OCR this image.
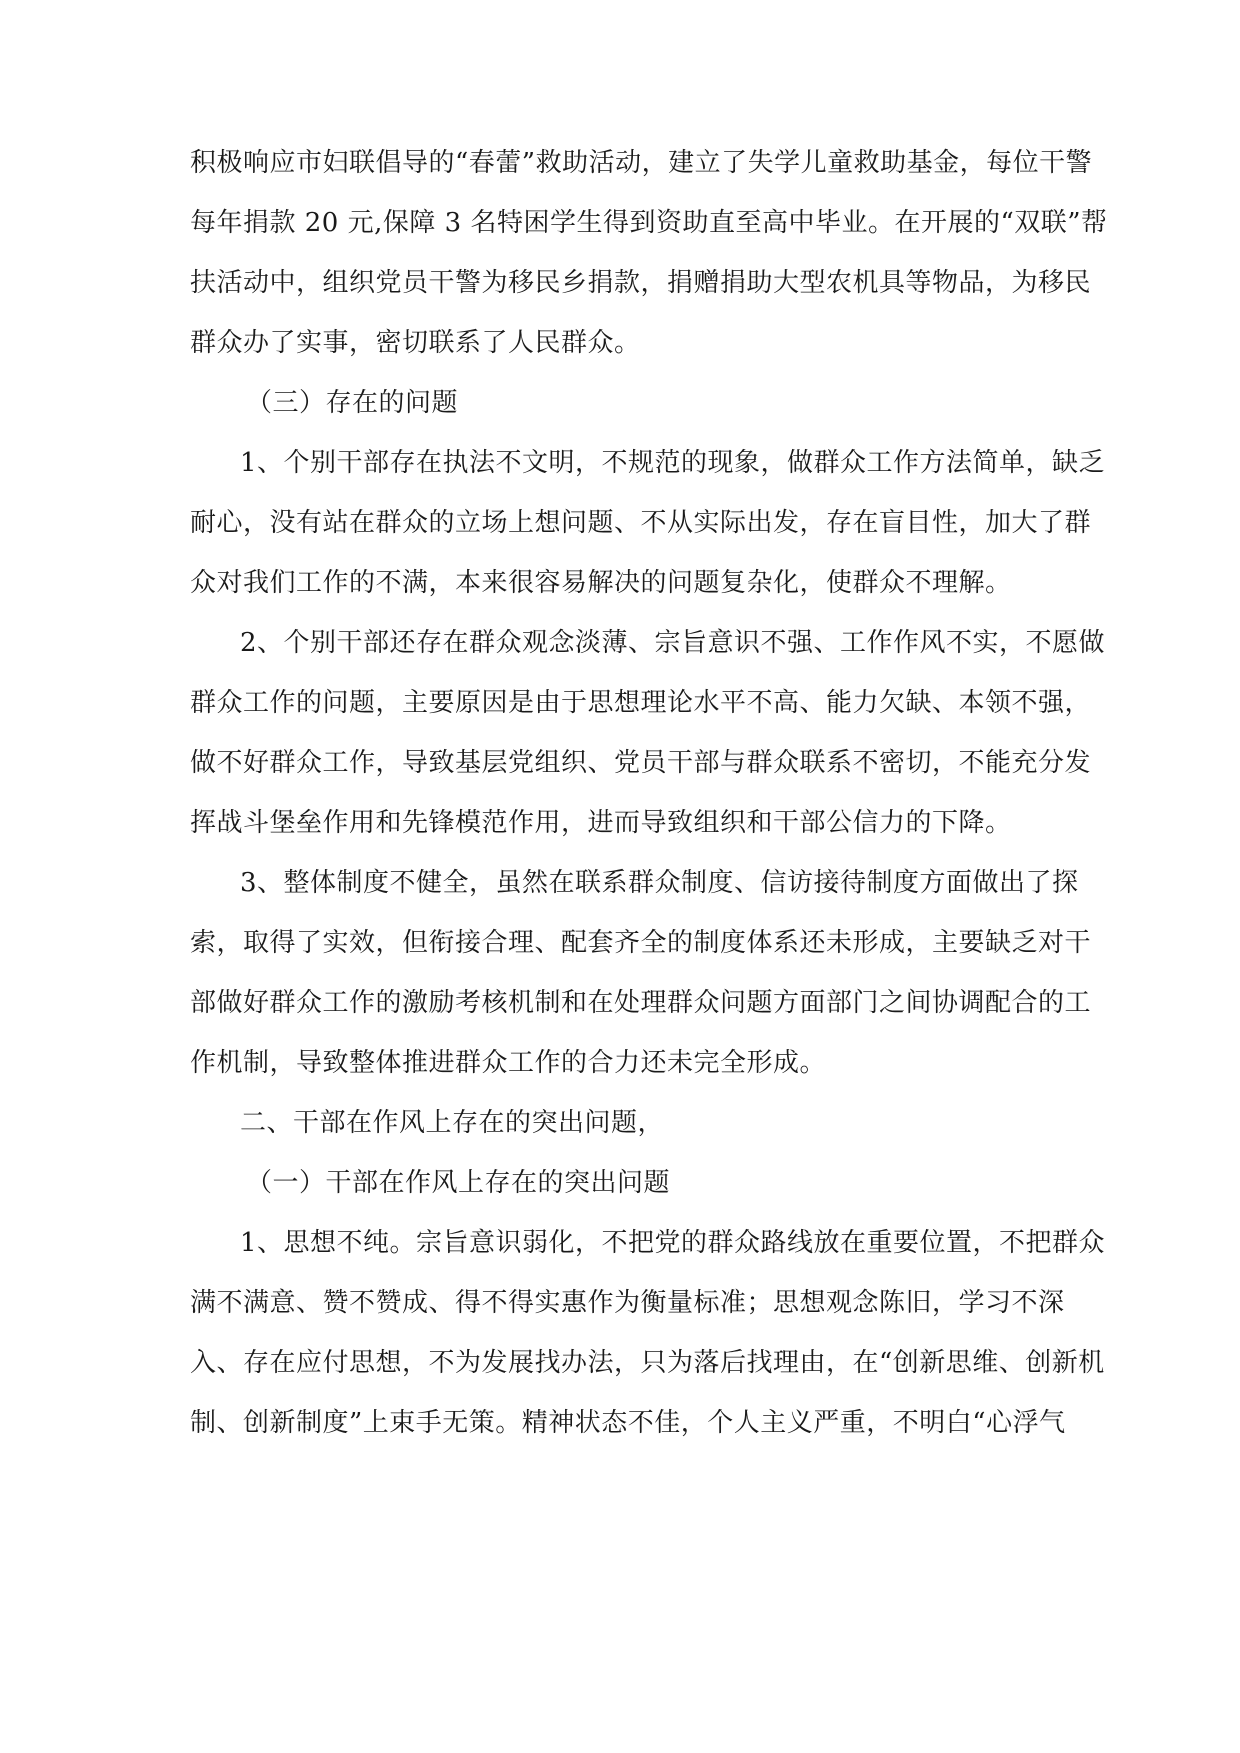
积极响应市妇联倡导的“春蕾”救助活动，建立了失学儿童救助基金，每位干警

每年捐款 20 元,保障 3 名特困学生得到资助直至高中毕业。在开展的“双联”帮

扶活动中，组织党员干警为移民乡捐款，捐赠捐助大型农机具等物品，为移民

群众办了实事，密切联系了人民群众。

（三）存在的问题

1、个别干部存在执法不文明，不规范的现象，做群众工作方法简单，缺乏

耐心，没有站在群众的立场上想问题、不从实际出发，存在盲目性，加大了群

众对我们工作的不满，本来很容易解决的问题复杂化，使群众不理解。

2、个别干部还存在群众观念淡薄、宗旨意识不强、工作作风不实，不愿做

群众工作的问题，主要原因是由于思想理论水平不高、能力欠缺、本领不强，

做不好群众工作，导致基层党组织、党员干部与群众联系不密切，不能充分发

挥战斗堡垒作用和先锋模范作用，进而导致组织和干部公信力的下降。

3、整体制度不健全，虽然在联系群众制度、信访接待制度方面做出了探

索，取得了实效，但衔接合理、配套齐全的制度体系还未形成，主要缺乏对干

部做好群众工作的激励考核机制和在处理群众问题方面部门之间协调配合的工

作机制，导致整体推进群众工作的合力还未完全形成。

二、干部在作风上存在的突出问题，

（一）干部在作风上存在的突出问题

1、思想不纯。宗旨意识弱化，不把党的群众路线放在重要位置，不把群众

满不满意、赞不赞成、得不得实惠作为衡量标准；思想观念陈旧，学习不深

入、存在应付思想，不为发展找办法，只为落后找理由，在“创新思维、创新机

制、创新制度”上束手无策。精神状态不佳，个人主义严重，不明白“心浮气
